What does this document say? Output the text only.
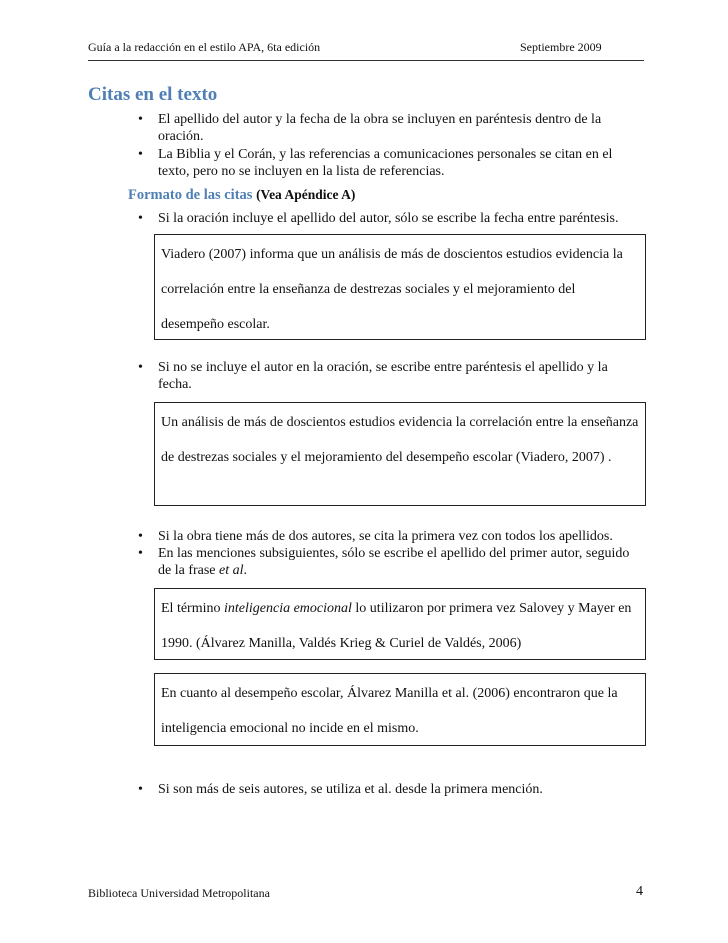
Guía a la redacción en el estilo APA, 6ta edición	Septiembre 2009
Citas en el texto
• El apellido del autor y la fecha de la obra se incluyen en paréntesis dentro de la oración.
• La Biblia y el Corán, y las referencias a comunicaciones personales se citan en el texto, pero no se incluyen en la lista de referencias.
Formato de las citas (Vea Apéndice A)
• Si la oración incluye el apellido del autor, sólo se escribe la fecha entre paréntesis.

Viadero (2007) informa que un análisis de más de doscientos estudios evidencia la correlación entre la enseñanza de destrezas sociales y el mejoramiento del desempeño escolar.

• Si no se incluye el autor en la oración, se escribe entre paréntesis el apellido y la fecha.

Un análisis de más de doscientos estudios evidencia la correlación entre la enseñanza de destrezas sociales y el mejoramiento del desempeño escolar (Viadero, 2007) .

• Si la obra tiene más de dos autores, se cita la primera vez con todos los apellidos.
• En las menciones subsiguientes, sólo se escribe el apellido del primer autor, seguido de la frase et al.

El término inteligencia emocional lo utilizaron por primera vez Salovey y Mayer en 1990. (Álvarez Manilla, Valdés Krieg & Curiel de Valdés, 2006)

En cuanto al desempeño escolar, Álvarez Manilla et al. (2006) encontraron que la inteligencia emocional no incide en el mismo.

• Si son más de seis autores, se utiliza et al. desde la primera mención.
Biblioteca Universidad Metropolitana	4
